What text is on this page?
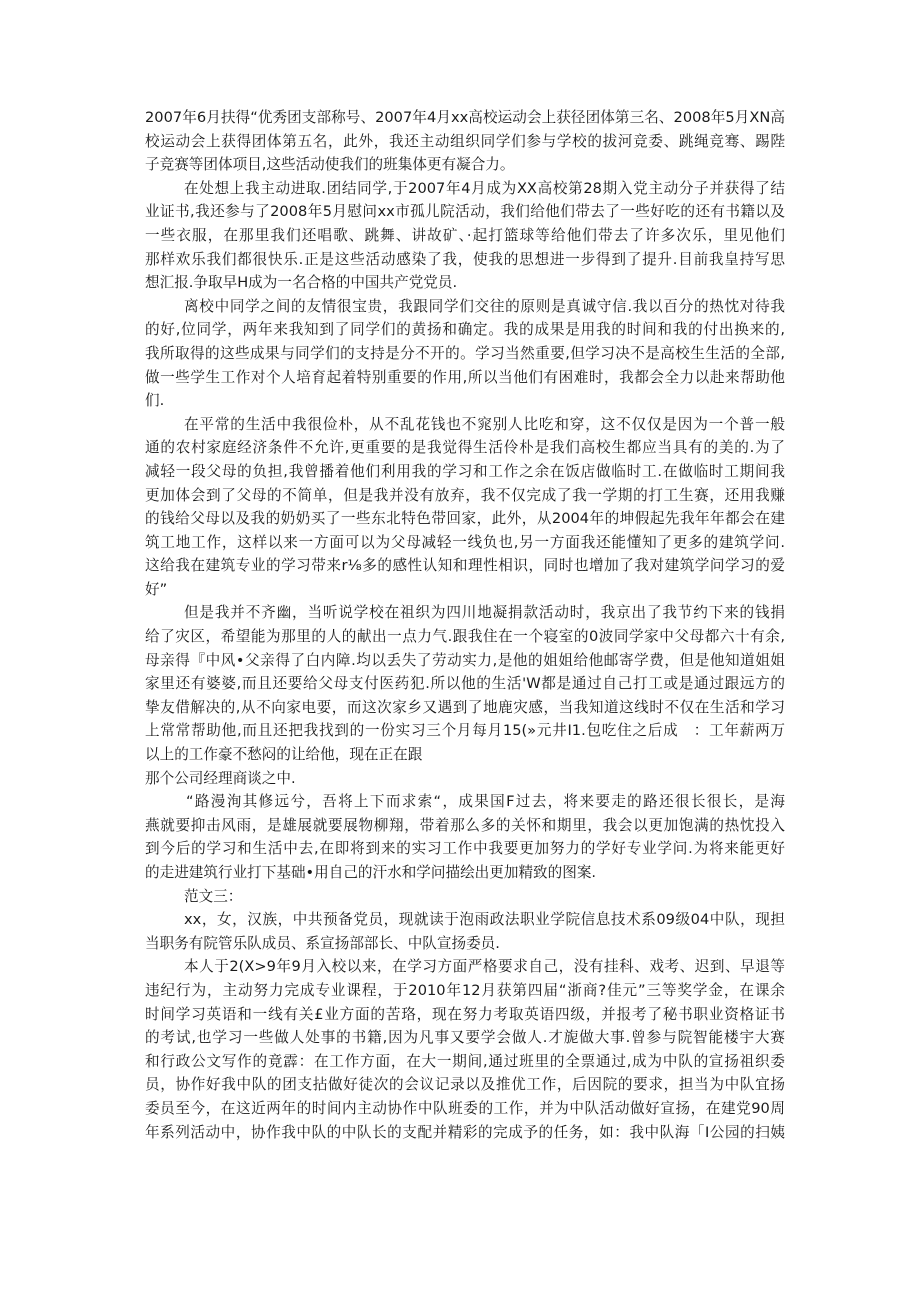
2007年6月扶得“优秀团支部称号、2007年4月xx高校运动会上获径团体第三名、2008年5月XN高
校运动会上获得团体第五名，此外，我还主动组织同学们参与学校的拔河竞委、跳绳竞骞、踢陛
子竞赛等团体项目,这些活动使我们的班集体更有凝合力。
在处想上我主动进取.团结同学,于2007年4月成为XX高校第28期入党主动分子并获得了结
业证书,我还参与了2008年5月慰问xx市孤儿院活动，我们给他们带去了一些好吃的还有书籍以及
一些衣服，在那里我们还唱歌、跳舞、讲故矿、·起打篮球等给他们带去了许多次乐，里见他们
那样欢乐我们都很快乐.正是这些活动感染了我，使我的思想进一步得到了提升.目前我皇持写思
想汇报.争取早H成为一名合格的中国共产党党员.
离校中同学之间的友情很宝贵，我跟同学们交往的原则是真诚守信.我以百分的热忱对待我
的好,位同学，两年来我知到了同学们的黄扬和确定。我的成果是用我的时间和我的付出换来的,
我所取得的这些成果与同学们的支持是分不开的。学习当然重要,但学习决不是高校生生活的全部,
做一些学生工作对个人培育起着特别重要的作用,所以当他们有困难时，我都会全力以赴来帮助他
们.
在平常的生活中我很俭朴，从不乱花钱也不窕别人比吃和穿，这不仅仅是因为一个普一般
通的农村家庭经济条件不允许,更重要的是我觉得生活伶朴是我们高校生都应当具有的美的.为了
减轻一段父母的负担,我曾播着他们利用我的学习和工作之余在饭店做临时工.在做临时工期间我
更加体会到了父母的不简单，但是我并没有放弃，我不仅完成了我一学期的打工生赛，还用我赚
的钱给父母以及我的奶奶买了一些东北特色带回家，此外，从2004年的坤假起先我年年都会在建
筑工地工作，这样以来一方面可以为父母减轻一线负也,另一方面我还能懂知了更多的建筑学问.
这给我在建筑专业的学习带来r⅛多的感性认知和理性相识，同时也增加了我对建筑学问学习的爱
好”
但是我并不齐幽，当听说学校在祖织为四川地凝捐款活动时，我京出了我节约下来的钱捐
给了灾区，希望能为那里的人的献出一点力气.跟我住在一个寝室的0波同学家中父母都六十有余,
母亲得『中风•父亲得了白内障.均以丢失了劳动实力,是他的姐姐给他邮寄学费，但是他知道姐姐
家里还有婆婆,而且还要给父母支付医药犯.所以他的生活'W都是通过自己打工或是通过跟远方的
挚友借解决的,从不向家电要，而这次家乡又遇到了地鹿灾感，当我知道这线时不仅在生活和学习
上常常帮助他,而且还把我找到的一份实习三个月每月15(»元井I1.包吃住之后成　：工年薪两万
以上的工作豪不愁闷的让给他，现在正在跟
那个公司经理商谈之中.
“路漫洵其修远兮，吾将上下而求索“，成果国F过去，将来要走的路还很长很长，是海
燕就要抑击风雨，是雄展就要展物柳翔，带着那么多的关怀和期里，我会以更加饱满的热忱投入
到今后的学习和生活中去,在即将到来的实习工作中我要更加努力的学好专业学问.为将来能更好
的走进建筑行业打下基础•用自己的汗水和学问描绘出更加精致的图案.
范文三：
xx，女，汉族，中共预备党员，现就读于泡雨政法职业学院信息技术系09级04中队，现担
当职务有院管乐队成员、系宣扬部部长、中队宣扬委员.
本人于2(X>9年9月入校以来，在学习方面严格要求自己，没有挂科、戏考、迟到、早退等
违纪行为，主动努力完成专业课程，于2010年12月获第四届“浙商?佳元”三等奖学金，在课余
时间学习英语和一线有关£业方面的苦珞，现在努力考取英语四级，并报考了秘书职业资格证书
的考试,也学习一些做人处事的书籍,因为凡事又要学会做人.才旎做大事.曾参与院智能楼宇大赛
和行政公文写作的竟霹：在工作方面，在大一期间,通过班里的全票通过,成为中队的宣扬祖织委
员，协作好我中队的团支拈做好徒次的会议记录以及推优工作，后因院的要求，担当为中队宜扬
委员至今，在这近两年的时间内主动协作中队班委的工作，并为中队活动做好宣扬，在建党90周
年系列活动中，协作我中队的中队长的支配并精彩的完成予的任务，如：我中队海「I公园的扫姨
